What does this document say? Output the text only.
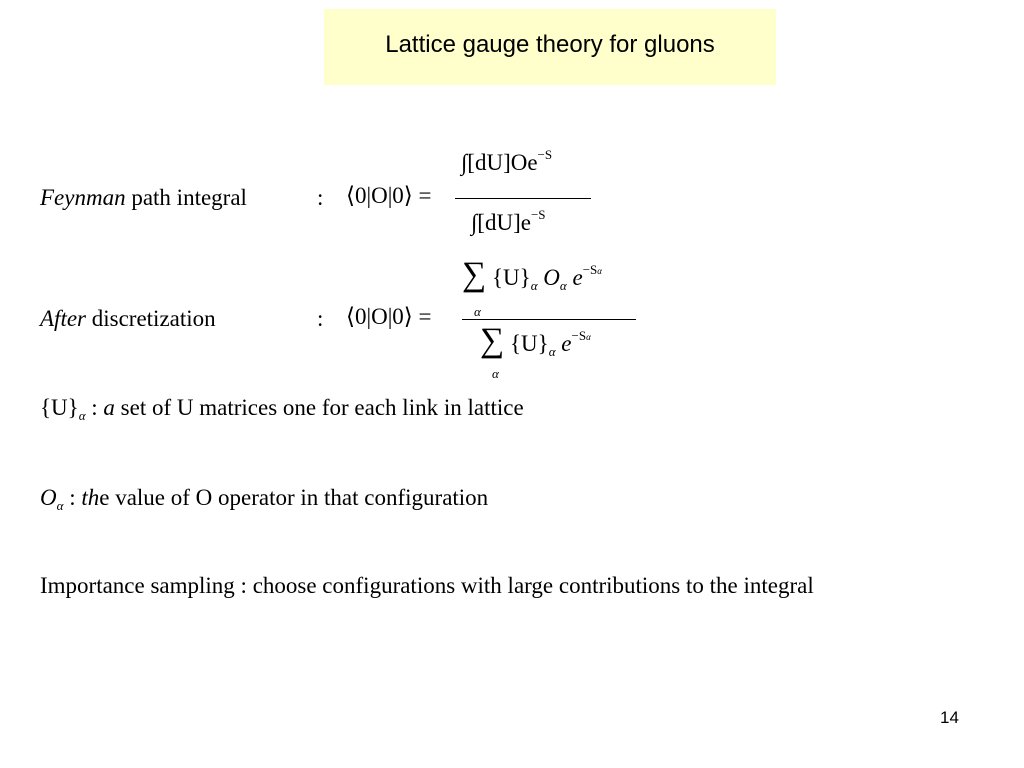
Lattice gauge theory for gluons
Feynman path integral	: ⟨0|O|0⟩ =
$\int[dU]Oe^{-S}$
$\int[dU]e^{-S}$
After discretization	: ⟨0|O|0⟩ =
∑ $\{U\}_\alpha$ $O_\alpha$ $e^{-S\alpha}$
α
∑ $\{U\}_\alpha$ $e^{-S\alpha}$
α
$\{U\}_\alpha$ : a set of U matrices one for each link in lattice
$O_\alpha$ : the value of O operator in that configuration
Importance sampling : choose configurations with large contributions to the integral
14
